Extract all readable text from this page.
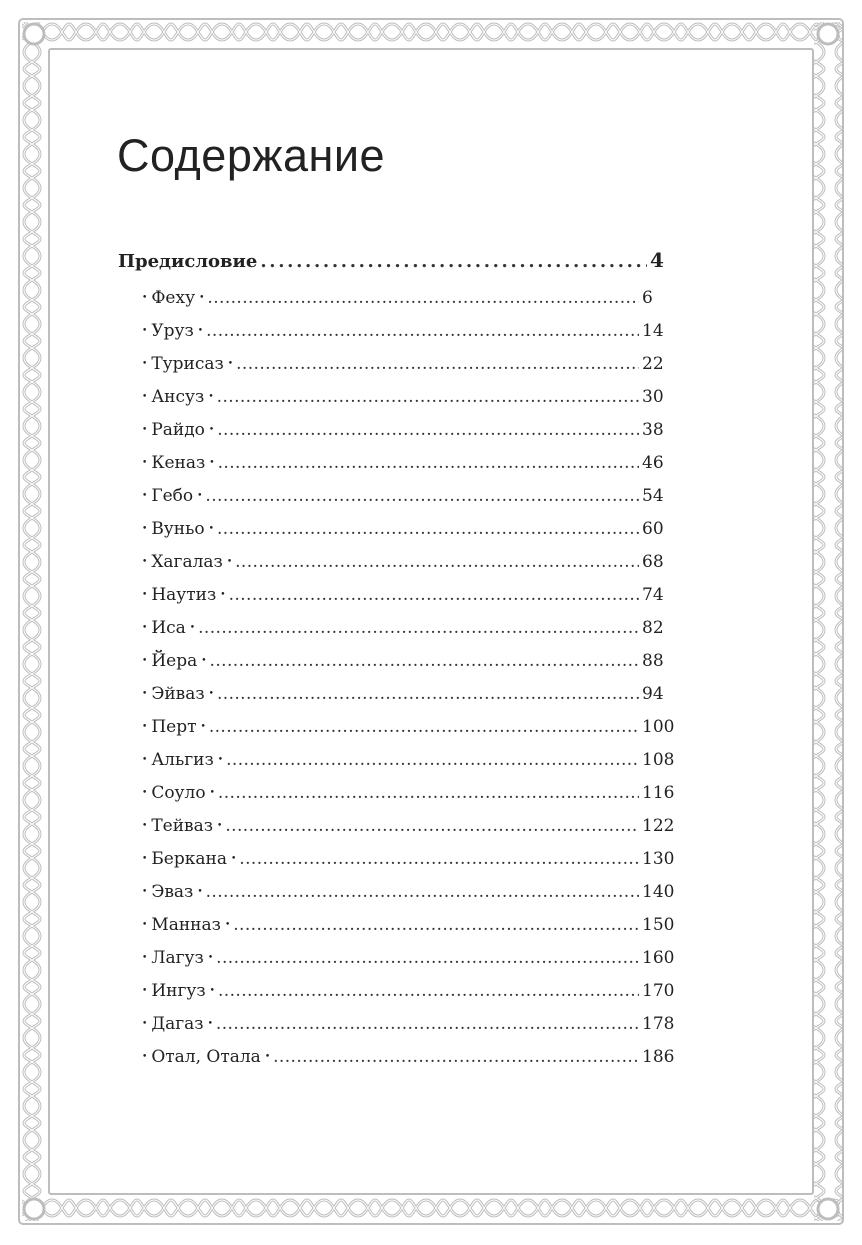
Содержание
Предисловие . . .	4
• Феху • . . .	6
• Уруз • . . .	14
• Турисаз • . . .	22
• Ансуз • . . .	30
• Райдо • . . .	38
• Кеназ • . . .	46
• Гебо • . . .	54
• Вуньо • . . .	60
• Хагалаз • . . .	68
• Наутиз • . . .	74
• Иса • . . .	82
• Йера • . . .	88
• Эйваз • . . .	94
• Перт • . . .	100
• Альгиз • . . .	108
• Соуло • . . .	116
• Тейваз • . . .	122
• Беркана • . . .	130
• Эваз • . . .	140
• Манназ • . . .	150
• Лагуз • . . .	160
• Ингуз • . . .	170
• Дагаз • . . .	178
• Отал, Отала • . . .	186
